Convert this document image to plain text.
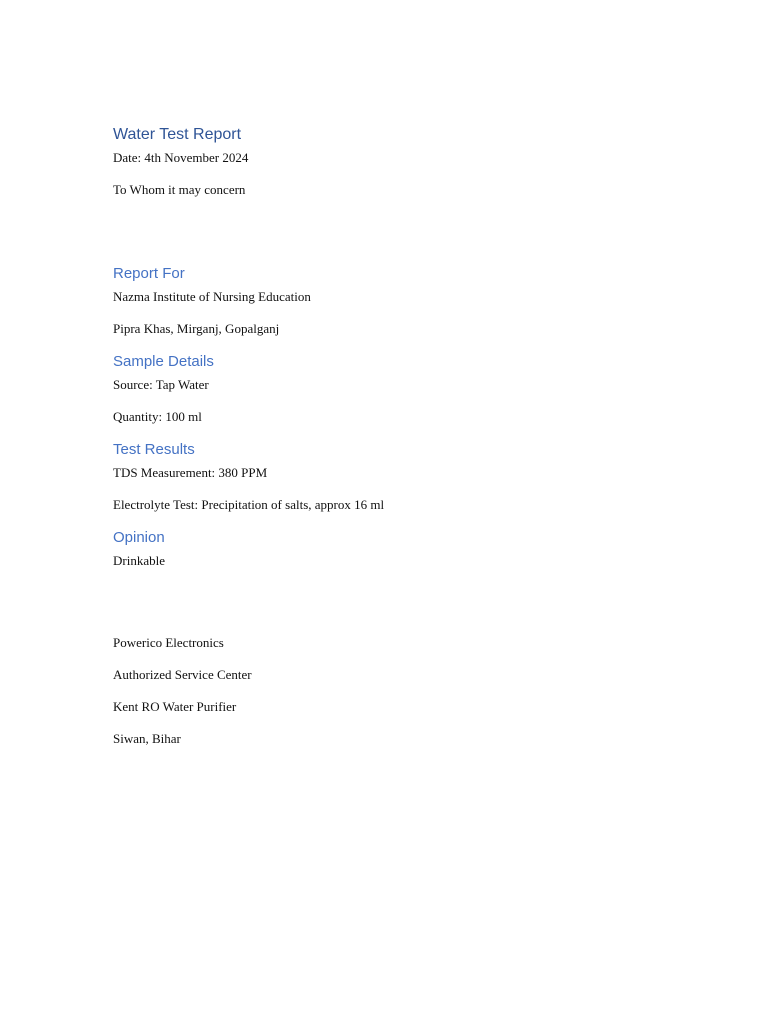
Water Test Report

Date: 4th November 2024

To Whom it may concern

Report For

Nazma Institute of Nursing Education

Pipra Khas, Mirganj, Gopalganj

Sample Details

Source: Tap Water

Quantity: 100 ml

Test Results

TDS Measurement: 380 PPM

Electrolyte Test: Precipitation of salts, approx 16 ml

Opinion

Drinkable

Powerico Electronics

Authorized Service Center

Kent RO Water Purifier

Siwan, Bihar
